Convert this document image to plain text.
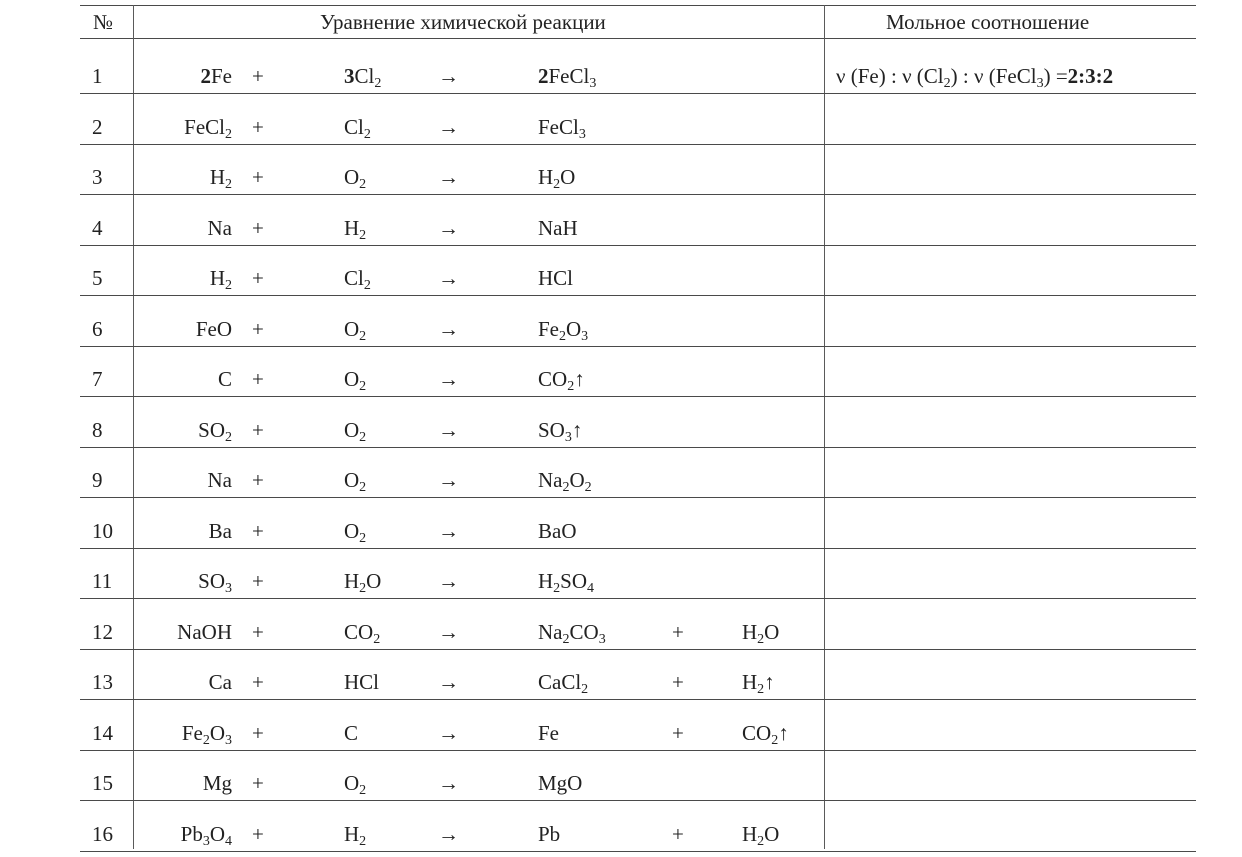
№	Уравнение химической реакции	Мольное соотношение
1	2Fe +	$3Cl_2$	→	2FeCl$_3$	ν (Fe) : ν $(Cl_2)$ : ν (FeCl$_3$) =2:3:2
2	FeCl$_2$ +	$Cl_2$	→	FeCl$_3$
3	$H_2$ +	$O_2$	→	$H_2O$
4	Na +	$H_2$	→	NaH
5	$H_2$ +	$Cl_2$	→	HCl
6	FeO +	$O_2$	→	$Fe_2O_3$
7	C +	$O_2$	→	$CO_2↑$
8	$SO_2$ +	$O_2$	→	$SO_3↑$
9	Na +	$O_2$	→	$Na_2O_2$
10	Ba +	$O_2$	→	BaO
11	$SO_3$ +	$H_2O$	→	$H_2SO_4$
12	NaOH +	$CO_2$	→	$Na_2CO_3$	+	$H_2O$
13	Ca +	HCl	→	CaCl$_2$	+	$H_2↑$
14	$Fe_2O_3$ +	C	→	Fe	+	$CO_2↑$
15	Mg +	$O_2$	→	MgO
16	$Pb_3O_4$ +	$H_2$	→	Pb	+	$H_2O$
